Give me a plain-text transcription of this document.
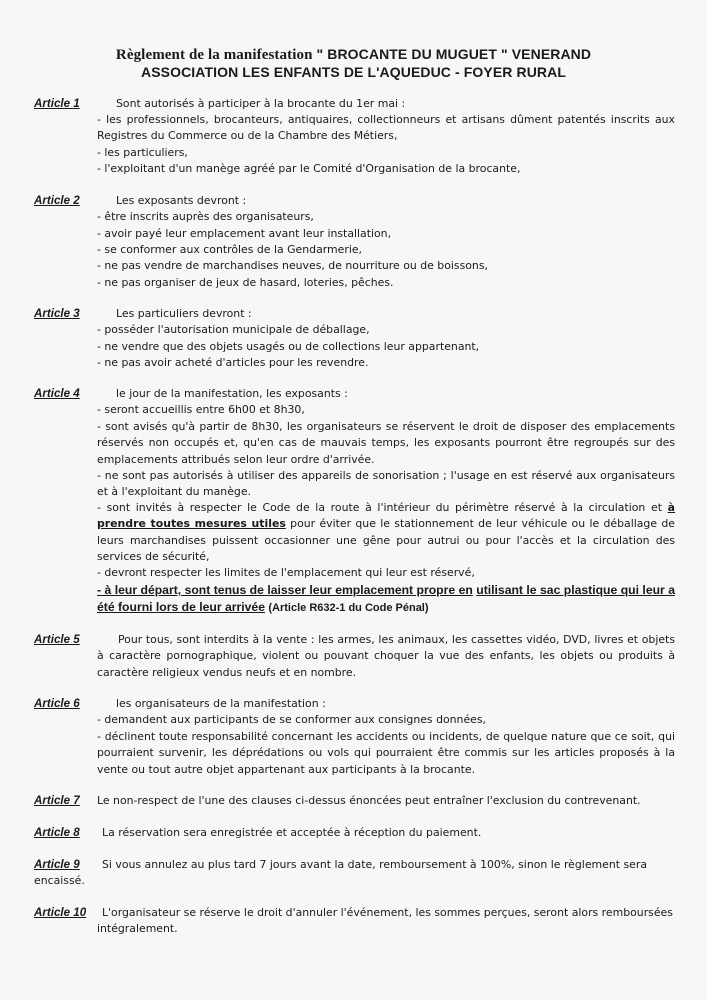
Règlement de la manifestation " BROCANTE DU MUGUET " VENERAND

ASSOCIATION LES ENFANTS DE L'AQUEDUC - FOYER RURAL

Article 1	Sont autorisés à participer à la brocante du 1er mai :
- les professionnels, brocanteurs, antiquaires, collectionneurs et artisans dûment patentés inscrits aux Registres du Commerce ou de la Chambre des Métiers,
- les particuliers,
- l'exploitant d'un manège agréé par le Comité d'Organisation de la brocante,
Article 2	Les exposants devront :
- être inscrits auprès des organisateurs,
- avoir payé leur emplacement avant leur installation,
- se conformer aux contrôles de la Gendarmerie,
- ne pas vendre de marchandises neuves, de nourriture ou de boissons,
- ne pas organiser de jeux de hasard, loteries, pêches.
Article 3	Les particuliers devront :
- posséder l'autorisation municipale de déballage,
- ne vendre que des objets usagés ou de collections leur appartenant,
- ne pas avoir acheté d'articles pour les revendre.
Article 4	le jour de la manifestation, les exposants :
- seront accueillis entre 6h00 et 8h30,
- sont avisés qu'à partir de 8h30, les organisateurs se réservent le droit de disposer des emplacements réservés non occupés et, qu'en cas de mauvais temps, les exposants pourront être regroupés sur des emplacements attribués selon leur ordre d'arrivée.
- ne sont pas autorisés à utiliser des appareils de sonorisation ; l'usage en est réservé aux organisateurs et à l'exploitant du manège.
- sont invités à respecter le Code de la route à l'intérieur du périmètre réservé à la circulation et à prendre toutes mesures utiles pour éviter que le stationnement de leur véhicule ou le déballage de leurs marchandises puissent occasionner une gêne pour autrui ou pour l'accès et la circulation des services de sécurité,
- devront respecter les limites de l'emplacement qui leur est réservé,
- à leur départ, sont tenus de laisser leur emplacement propre en utilisant le sac plastique qui leur a été fourni lors de leur arrivée (Article R632-1 du Code Pénal)
Article 5	Pour tous, sont interdits à la vente : les armes, les animaux, les cassettes vidéo, DVD, livres et objets à caractère pornographique, violent ou pouvant choquer la vue des enfants, les objets ou produits à caractère religieux vendus neufs et en nombre.
Article 6	les organisateurs de la manifestation :
- demandent aux participants de se conformer aux consignes données,
- déclinent toute responsabilité concernant les accidents ou incidents, de quelque nature que ce soit, qui pourraient survenir, les déprédations ou vols qui pourraient être commis sur les articles proposés à la vente ou tout autre objet appartenant aux participants à la brocante.
Article 7 Le non-respect de l'une des clauses ci-dessus énoncées peut entraîner l'exclusion du contrevenant.
Article 8 La réservation sera enregistrée et acceptée à réception du paiement.
Article 9 Si vous annulez au plus tard 7 jours avant la date, remboursement à 100%, sinon le règlement sera
encaissé.
Article 10 L'organisateur se réserve le droit d'annuler l'événement, les sommes perçues, seront alors remboursées
intégralement.
